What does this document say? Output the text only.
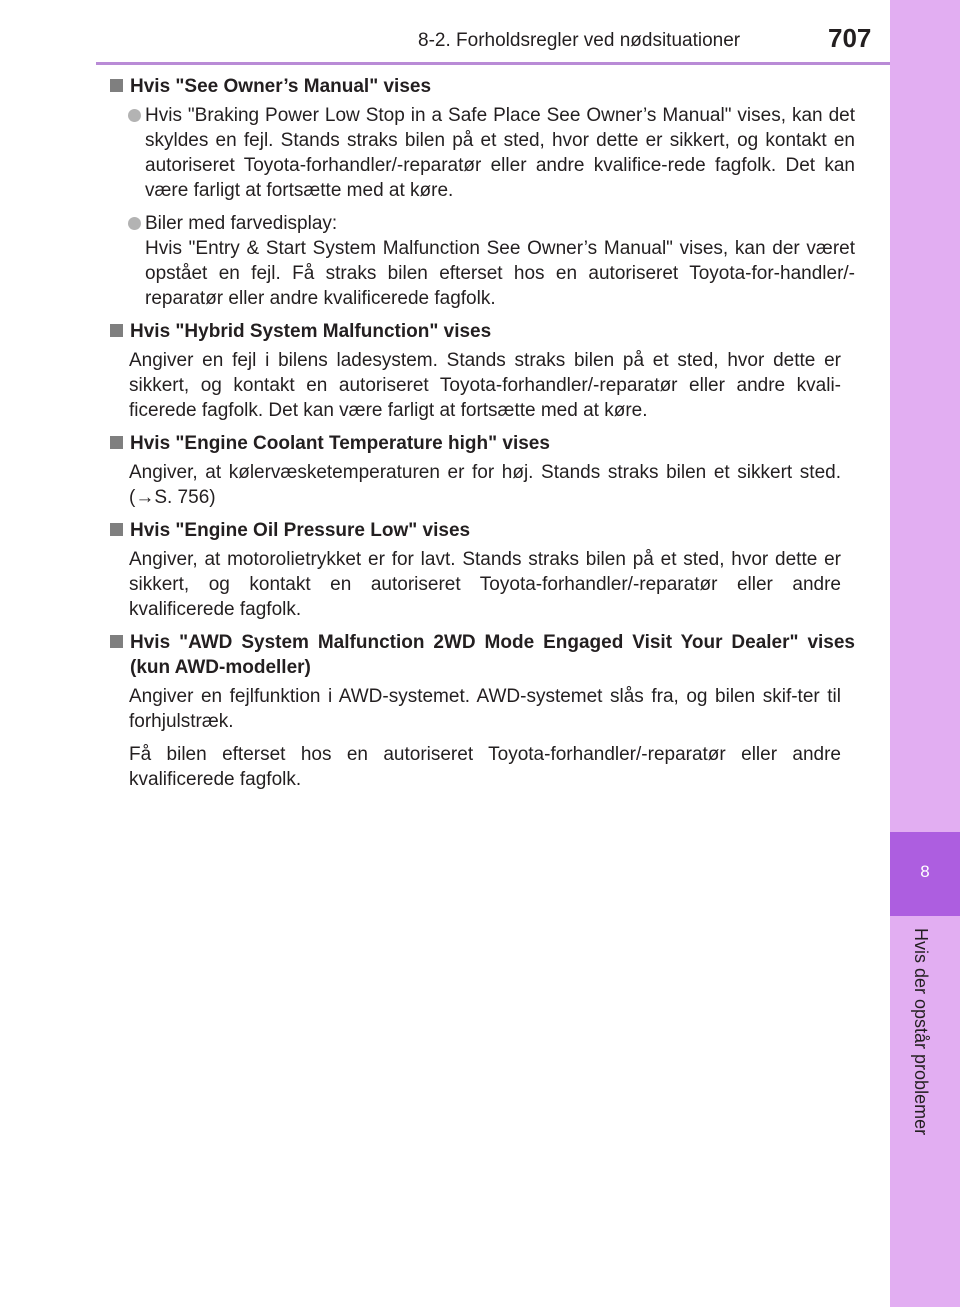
8
Hvis der opstår problemer
8-2. Forholdsregler ved nødsituationer	707

Hvis "See Owner’s Manual" vises

Hvis "Braking Power Low Stop in a Safe Place See Owner’s Manual" vises, kan det skyldes en fejl. Stands straks bilen på et sted, hvor dette er sikkert, og kontakt en autoriseret Toyota-forhandler/-reparatør eller andre kvalifice-rede fagfolk. Det kan være farligt at fortsætte med at køre.

Biler med farvedisplay:
Hvis "Entry & Start System Malfunction See Owner’s Manual" vises, kan der været opstået en fejl. Få straks bilen efterset hos en autoriseret Toyota-for-handler/-reparatør eller andre kvalificerede fagfolk.

Hvis "Hybrid System Malfunction" vises

Angiver en fejl i bilens ladesystem. Stands straks bilen på et sted, hvor dette er sikkert, og kontakt en autoriseret Toyota-forhandler/-reparatør eller andre kvali-ficerede fagfolk. Det kan være farligt at fortsætte med at køre.

Hvis "Engine Coolant Temperature high" vises

Angiver, at kølervæsketemperaturen er for høj. Stands straks bilen et sikkert sted. (→S. 756)

Hvis "Engine Oil Pressure Low" vises

Angiver, at motorolietrykket er for lavt. Stands straks bilen på et sted, hvor dette er sikkert, og kontakt en autoriseret Toyota-forhandler/-reparatør eller andre kvalificerede fagfolk.

Hvis "AWD System Malfunction 2WD Mode Engaged Visit Your Dealer" vises (kun AWD-modeller)

Angiver en fejlfunktion i AWD-systemet. AWD-systemet slås fra, og bilen skif-ter til forhjulstræk.

Få bilen efterset hos en autoriseret Toyota-forhandler/-reparatør eller andre kvalificerede fagfolk.
